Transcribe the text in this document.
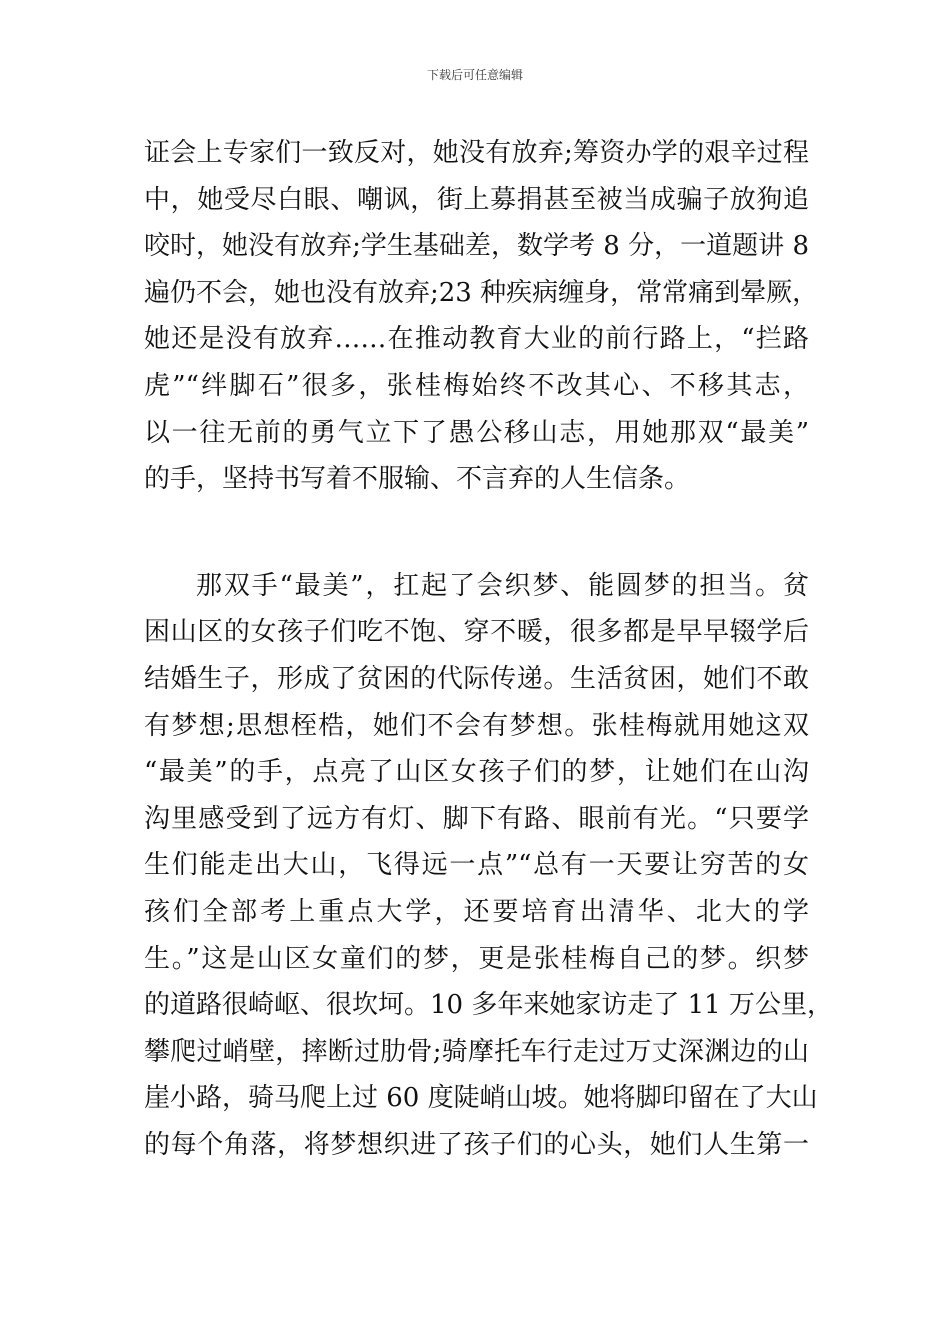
下载后可任意编辑
证会上专家们一致反对，她没有放弃;筹资办学的艰辛过程
中，她受尽白眼、嘲讽，街上募捐甚至被当成骗子放狗追
咬时，她没有放弃;学生基础差，数学考 8 分，一道题讲 8
遍仍不会，她也没有放弃;23 种疾病缠身，常常痛到晕厥，
她还是没有放弃……在推动教育大业的前行路上，“拦路
虎”“绊脚石”很多，张桂梅始终不改其心、不移其志，
以一往无前的勇气立下了愚公移山志，用她那双“最美”
的手，坚持书写着不服输、不言弃的人生信条。
那双手“最美”，扛起了会织梦、能圆梦的担当。贫
困山区的女孩子们吃不饱、穿不暖，很多都是早早辍学后
结婚生子，形成了贫困的代际传递。生活贫困，她们不敢
有梦想;思想桎梏，她们不会有梦想。张桂梅就用她这双
“最美”的手，点亮了山区女孩子们的梦，让她们在山沟
沟里感受到了远方有灯、脚下有路、眼前有光。“只要学
生们能走出大山，飞得远一点”“总有一天要让穷苦的女
孩们全部考上重点大学，还要培育出清华、北大的学
生。”这是山区女童们的梦，更是张桂梅自己的梦。织梦
的道路很崎岖、很坎坷。10 多年来她家访走了 11 万公里，
攀爬过峭壁，摔断过肋骨;骑摩托车行走过万丈深渊边的山
崖小路，骑马爬上过 60 度陡峭山坡。她将脚印留在了大山
的每个角落，将梦想织进了孩子们的心头，她们人生第一
